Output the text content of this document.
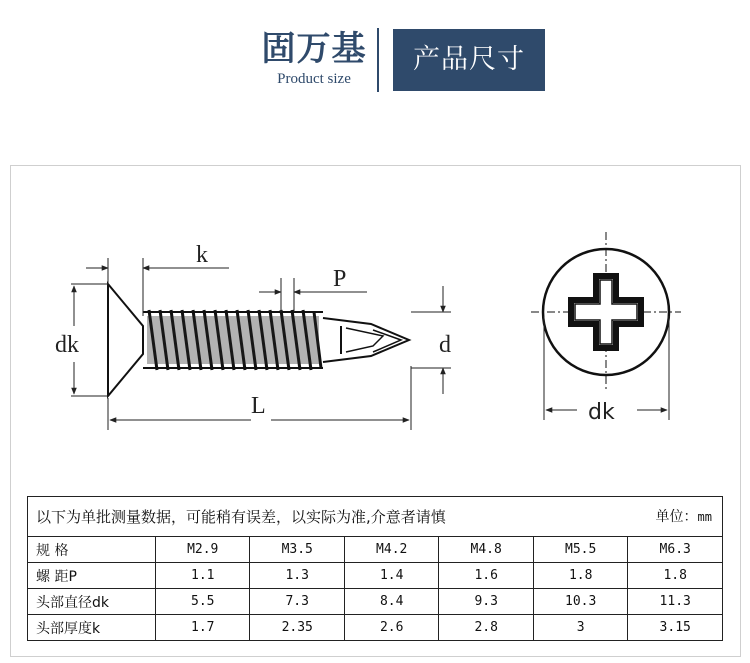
固万基
Product size
产品尺寸
k
P
dk	d
L	dk
以下为单批测量数据，可能稍有误差，以实际为准,介意者请慎 单位：mm						

规 格	M2.9	M3.5	M4.2	M4.8	M5.5	M6.3
螺 距P	1.1	1.3	1.4	1.6	1.8	1.8
头部直径dk	5.5	7.3	8.4	9.3	10.3	11.3
头部厚度k	1.7	2.35	2.6	2.8	3	3.15
